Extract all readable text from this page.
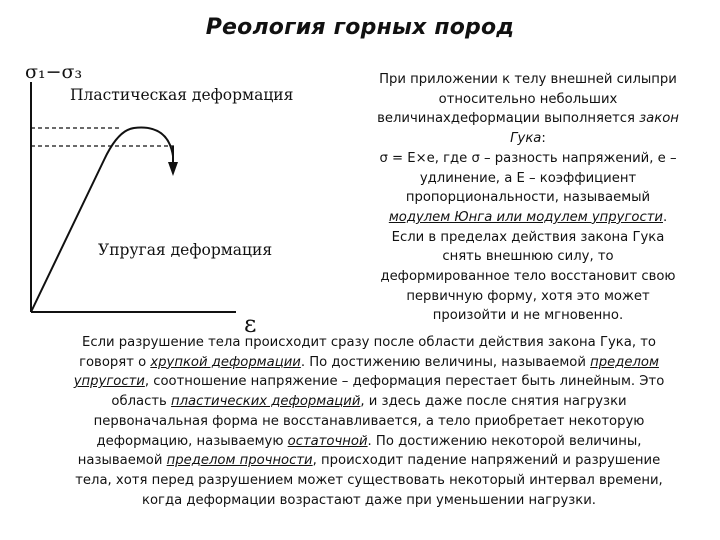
Реология горных пород
σ₁−σ₃
ε
Пластическая деформация
Упругая деформация
При приложении к телу внешней силыпри относительно небольших величинахдеформации выполняется закон Гука:
σ = Е×е, где σ – разность напряжений, е –
удлинение, а Е – коэффициент
пропорциональности, называемый
модулем Юнга или модулем упругости.
Если в пределах действия закона Гука
снять внешнюю силу, то
деформированное тело восстановит свою
первичную форму, хотя это может
произойти и не мгновенно.
Если разрушение тела происходит сразу после области действия закона Гука, то
говорят о хрупкой деформации. По достижению величины, называемой пределом
упругости, соотношение напряжение – деформация перестает быть линейным. Это
область пластических деформаций, и здесь даже после снятия нагрузки
первоначальная форма не восстанавливается, а тело приобретает некоторую
деформацию, называемую остаточной. По достижению некоторой величины,
называемой пределом прочности, происходит падение напряжений и разрушение
тела, хотя перед разрушением может существовать некоторый интервал времени,
когда деформации возрастают даже при уменьшении нагрузки.
